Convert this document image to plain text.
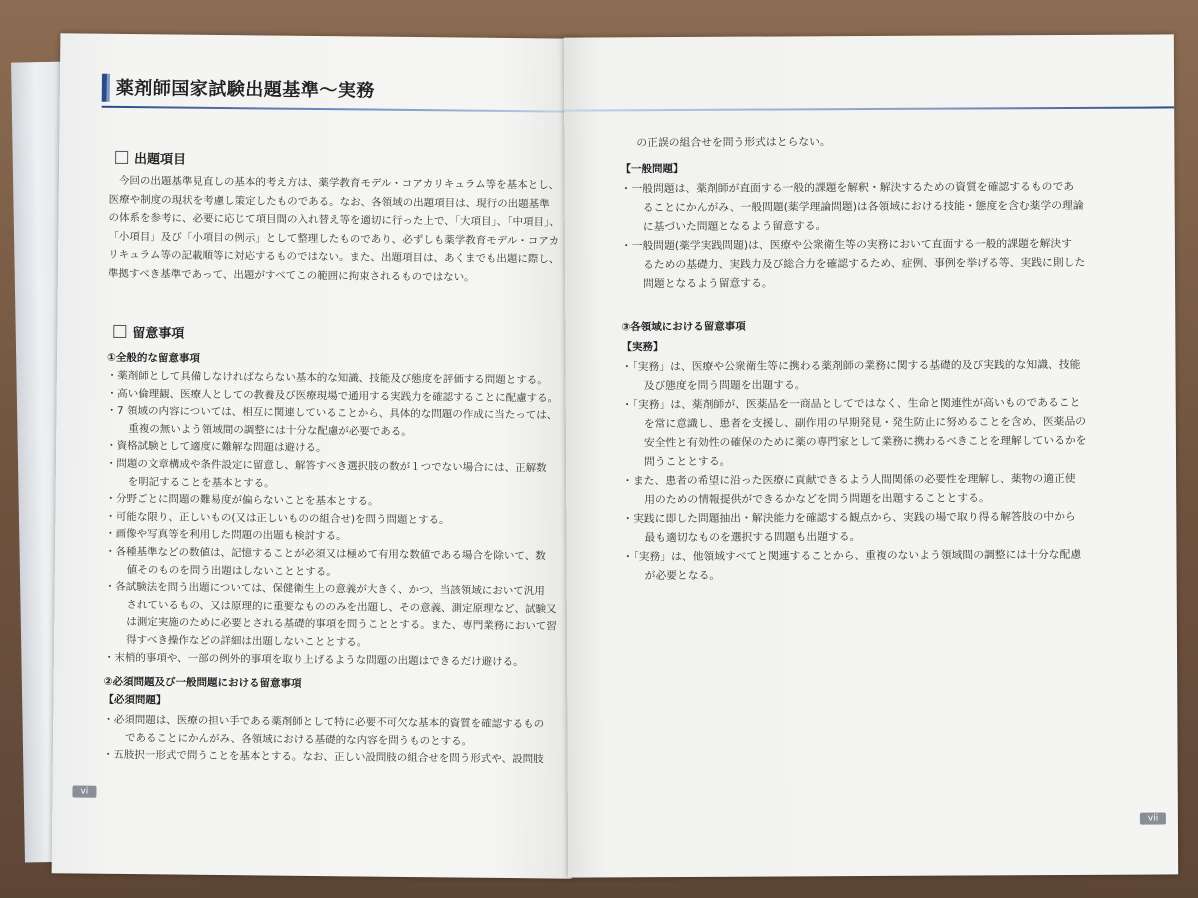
薬剤師国家試験出題基準～実務
出題項目

今回の出題基準見直しの基本的考え方は、薬学教育モデル・コアカリキュラム等を基本とし、

医療や制度の現状を考慮し策定したものである。なお、各領域の出題項目は、現行の出題基準

の体系を参考に、必要に応じて項目間の入れ替え等を適切に行った上で、「大項目」、「中項目」、

「小項目」及び「小項目の例示」として整理したものであり、必ずしも薬学教育モデル・コアカ

リキュラム等の記載順等に対応するものではない。また、出題項目は、あくまでも出題に際し、

準拠すべき基準であって、出題がすべてこの範囲に拘束されるものではない。

留意事項
①全般的な留意事項
・薬剤師として具備しなければならない基本的な知識、技能及び態度を評価する問題とする。
・高い倫理観、医療人としての教養及び医療現場で通用する実践力を確認することに配慮する。
・7 領域の内容については、相互に関連していることから、具体的な問題の作成に当たっては、
重複の無いよう領域間の調整には十分な配慮が必要である。
・資格試験として適度に難解な問題は避ける。
・問題の文章構成や条件設定に留意し、解答すべき選択肢の数が１つでない場合には、正解数
を明記することを基本とする。
・分野ごとに問題の難易度が偏らないことを基本とする。
・可能な限り、正しいもの(又は正しいものの組合せ)を問う問題とする。
・画像や写真等を利用した問題の出題も検討する。
・各種基準などの数値は、記憶することが必須又は極めて有用な数値である場合を除いて、数
値そのものを問う出題はしないこととする。
・各試験法を問う出題については、保健衛生上の意義が大きく、かつ、当該領域において汎用
されているもの、又は原理的に重要なもののみを出題し、その意義、測定原理など、試験又
は測定実施のために必要とされる基礎的事項を問うこととする。また、専門業務において習
得すべき操作などの詳細は出題しないこととする。
・末梢的事項や、一部の例外的事項を取り上げるような問題の出題はできるだけ避ける。
②必須問題及び一般問題における留意事項
【必須問題】
・必須問題は、医療の担い手である薬剤師として特に必要不可欠な基本的資質を確認するもの
であることにかんがみ、各領域における基礎的な内容を問うものとする。
・五肢択一形式で問うことを基本とする。なお、正しい設問肢の組合せを問う形式や、設問肢
vi
の正誤の組合せを問う形式はとらない。
【一般問題】
・一般問題は、薬剤師が直面する一般的課題を解釈・解決するための資質を確認するものであ
ることにかんがみ、一般問題(薬学理論問題)は各領域における技能・態度を含む薬学の理論
に基づいた問題となるよう留意する。
・一般問題(薬学実践問題)は、医療や公衆衛生等の実務において直面する一般的課題を解決す
るための基礎力、実践力及び総合力を確認するため、症例、事例を挙げる等、実践に則した
問題となるよう留意する。
③各領域における留意事項
【実務】
・「実務」は、医療や公衆衛生等に携わる薬剤師の業務に関する基礎的及び実践的な知識、技能
及び態度を問う問題を出題する。
・「実務」は、薬剤師が、医薬品を一商品としてではなく、生命と関連性が高いものであること
を常に意識し、患者を支援し、副作用の早期発見・発生防止に努めることを含め、医薬品の
安全性と有効性の確保のために薬の専門家として業務に携わるべきことを理解しているかを
問うこととする。
・また、患者の希望に沿った医療に貢献できるよう人間関係の必要性を理解し、薬物の適正使
用のための情報提供ができるかなどを問う問題を出題することとする。
・実践に即した問題抽出・解決能力を確認する観点から、実践の場で取り得る解答肢の中から
最も適切なものを選択する問題も出題する。
・「実務」は、他領域すべてと関連することから、重複のないよう領域間の調整には十分な配慮
が必要となる。
vii
